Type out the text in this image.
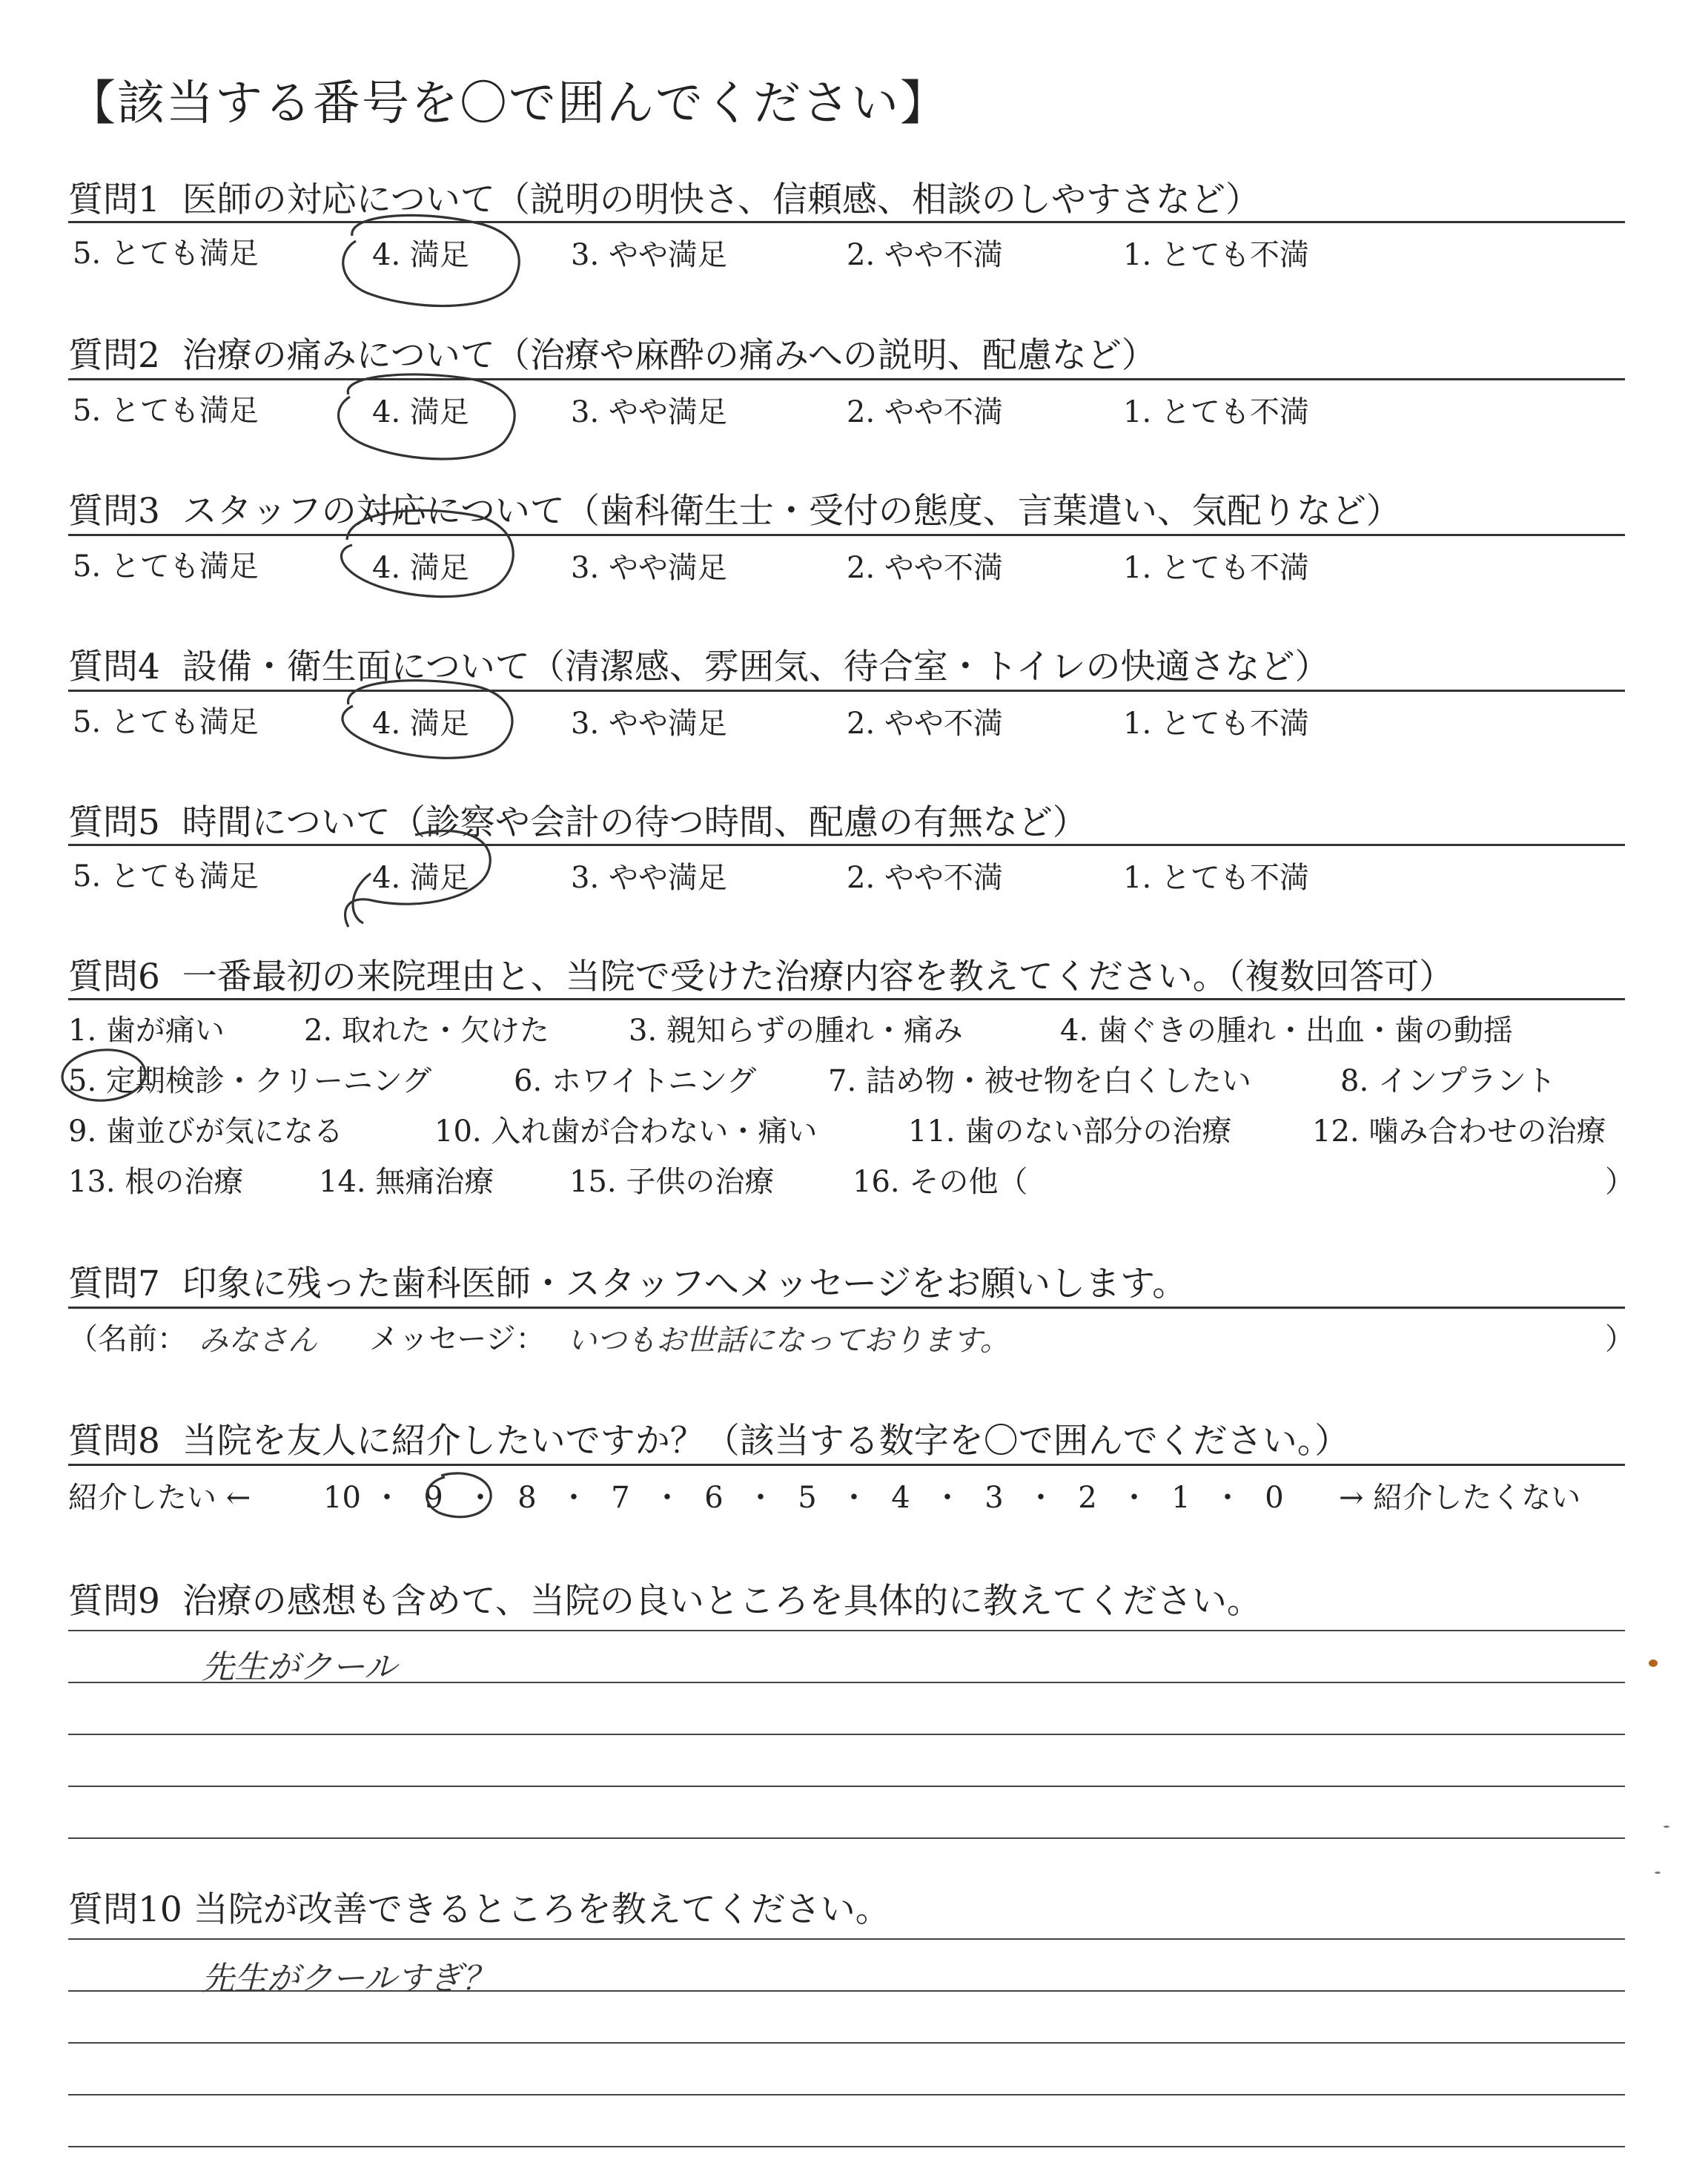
【該当する番号を〇で囲んでください】
質問1 医師の対応について（説明の明快さ、信頼感、相談のしやすさなど）
5. とても満足	4. 満足	3. やや満足	2. やや不満	1. とても不満
質問2 治療の痛みについて（治療や麻酔の痛みへの説明、配慮など）
5. とても満足	4. 満足	3. やや満足	2. やや不満	1. とても不満
質問3 スタッフの対応について（歯科衛生士・受付の態度、言葉遣い、気配りなど）
5. とても満足	4. 満足	3. やや満足	2. やや不満	1. とても不満
質問4 設備・衛生面について（清潔感、雰囲気、待合室・トイレの快適さなど）
5. とても満足	4. 満足	3. やや満足	2. やや不満	1. とても不満
質問5 時間について（診察や会計の待つ時間、配慮の有無など）
5. とても満足	4. 満足	3. やや満足	2. やや不満	1. とても不満
質問6 一番最初の来院理由と、当院で受けた治療内容を教えてください。（複数回答可）
1. 歯が痛い	2. 取れた・欠けた	3. 親知らずの腫れ・痛み	4. 歯ぐきの腫れ・出血・歯の動揺
5. 定期検診・クリーニング	6. ホワイトニング 7. 詰め物・被せ物を白くしたい	8. インプラント
9. 歯並びが気になる	10. 入れ歯が合わない・痛い	11. 歯のない部分の治療	12. 噛み合わせの治療
13. 根の治療	14. 無痛治療	15. 子供の治療	16. その他（	）
質問7 印象に残った歯科医師・スタッフへメッセージをお願いします。
（名前： みなさん メッセージ： いつもお世話になっております。	）
質問8 当院を友人に紹介したいですか？（該当する数字を〇で囲んでください。）
紹介したい ← 10 ・ 9 ・ 8 ・ 7 ・ 6 ・ 5 ・ 4 ・ 3 ・ 2 ・ 1 ・ 0 → 紹介したくない
質問9 治療の感想も含めて、当院の良いところを具体的に教えてください。
先生がクール
質問10 当院が改善できるところを教えてください。
先生がクールすぎ？
